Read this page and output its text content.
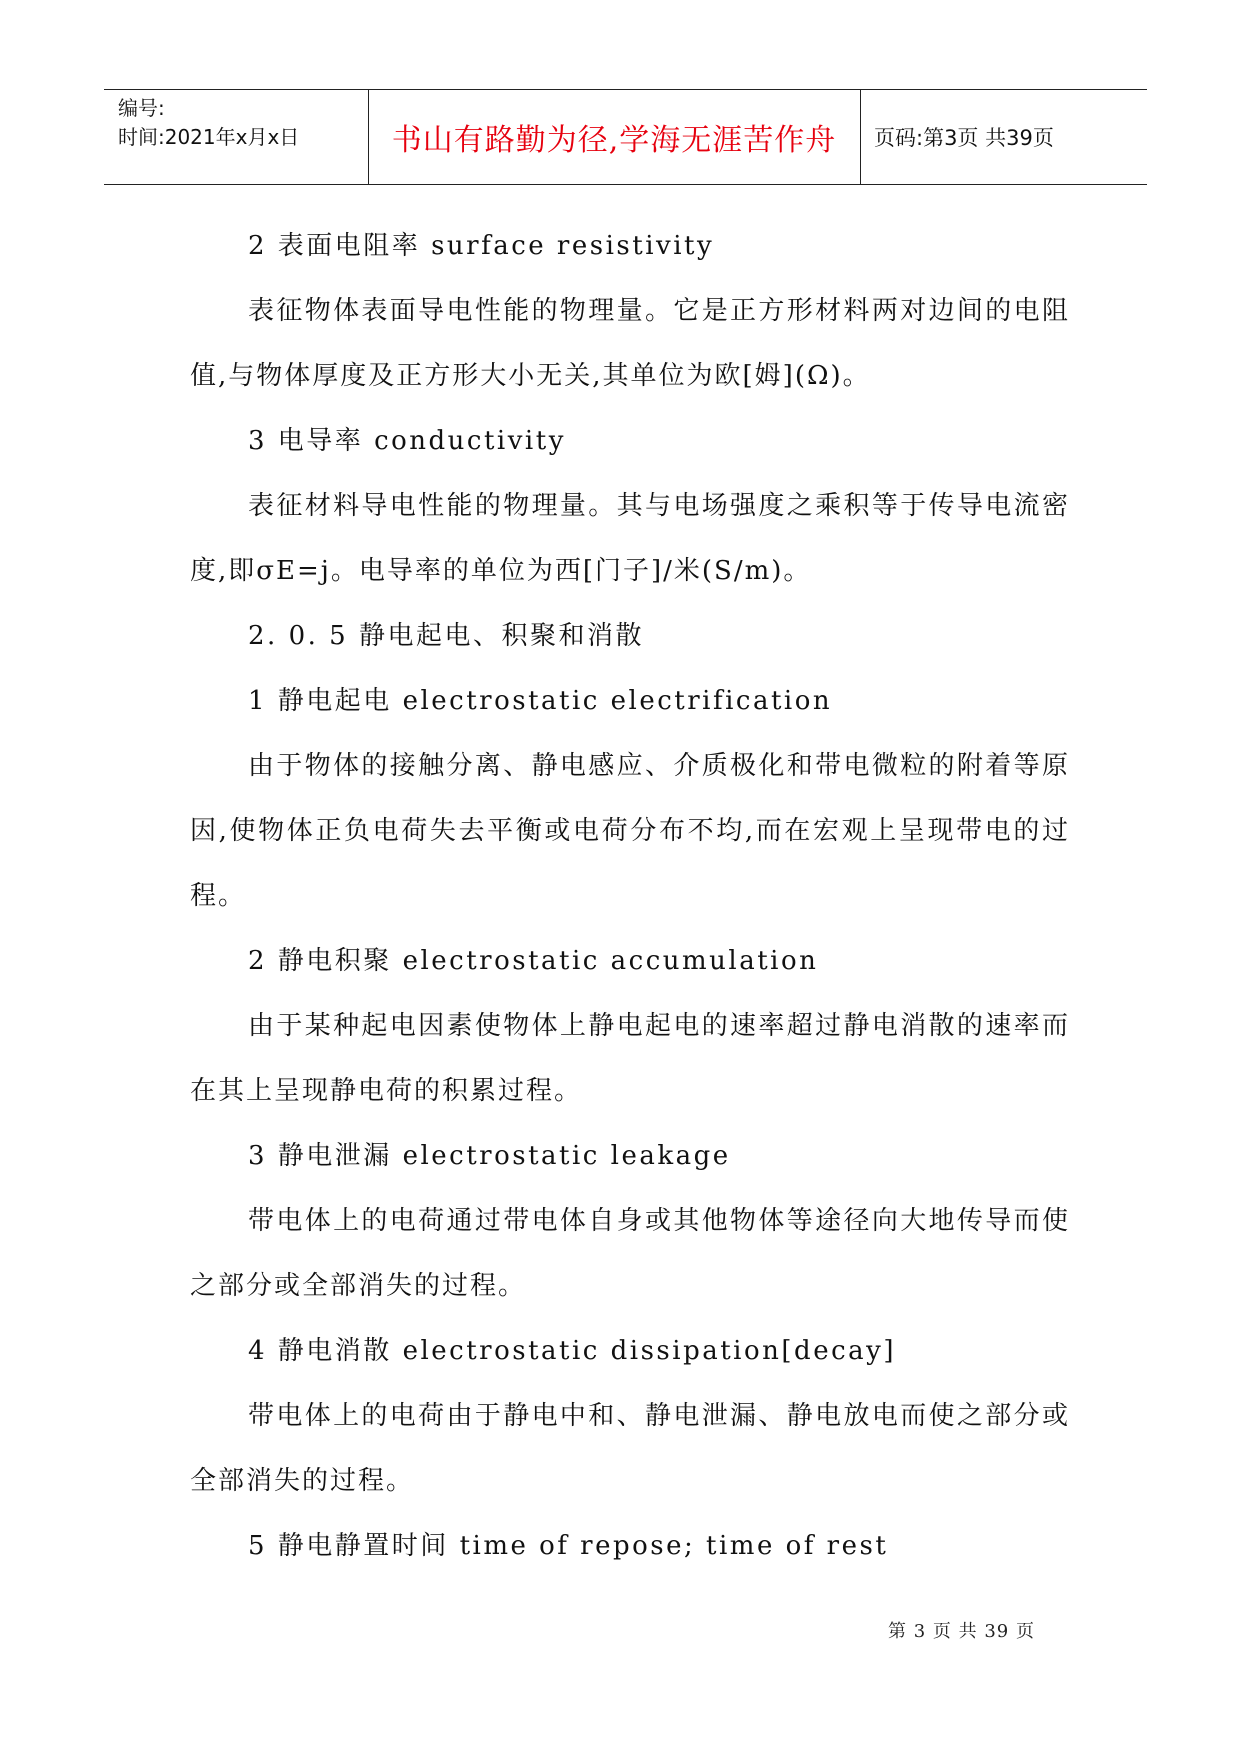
编号:
时间:2021年x月x日	书山有路勤为径,学海无涯苦作舟	页码:第3页 共39页

2 表面电阻率 surface resistivity

表征物体表面导电性能的物理量。它是正方形材料两对边间的电阻值,与物体厚度及正方形大小无关,其单位为欧[姆](Ω)。

3 电导率 conductivity

表征材料导电性能的物理量。其与电场强度之乘积等于传导电流密度,即σE=j。电导率的单位为西[门子]/米(S/m)。

2. 0. 5 静电起电、积聚和消散

1 静电起电 electrostatic electrification

由于物体的接触分离、静电感应、介质极化和带电微粒的附着等原因,使物体正负电荷失去平衡或电荷分布不均,而在宏观上呈现带电的过程。

2 静电积聚 electrostatic accumulation

由于某种起电因素使物体上静电起电的速率超过静电消散的速率而在其上呈现静电荷的积累过程。

3 静电泄漏 electrostatic leakage

带电体上的电荷通过带电体自身或其他物体等途径向大地传导而使之部分或全部消失的过程。

4 静电消散 electrostatic dissipation[decay]

带电体上的电荷由于静电中和、静电泄漏、静电放电而使之部分或全部消失的过程。

5 静电静置时间 time of repose; time of rest

第 3 页 共 39 页
